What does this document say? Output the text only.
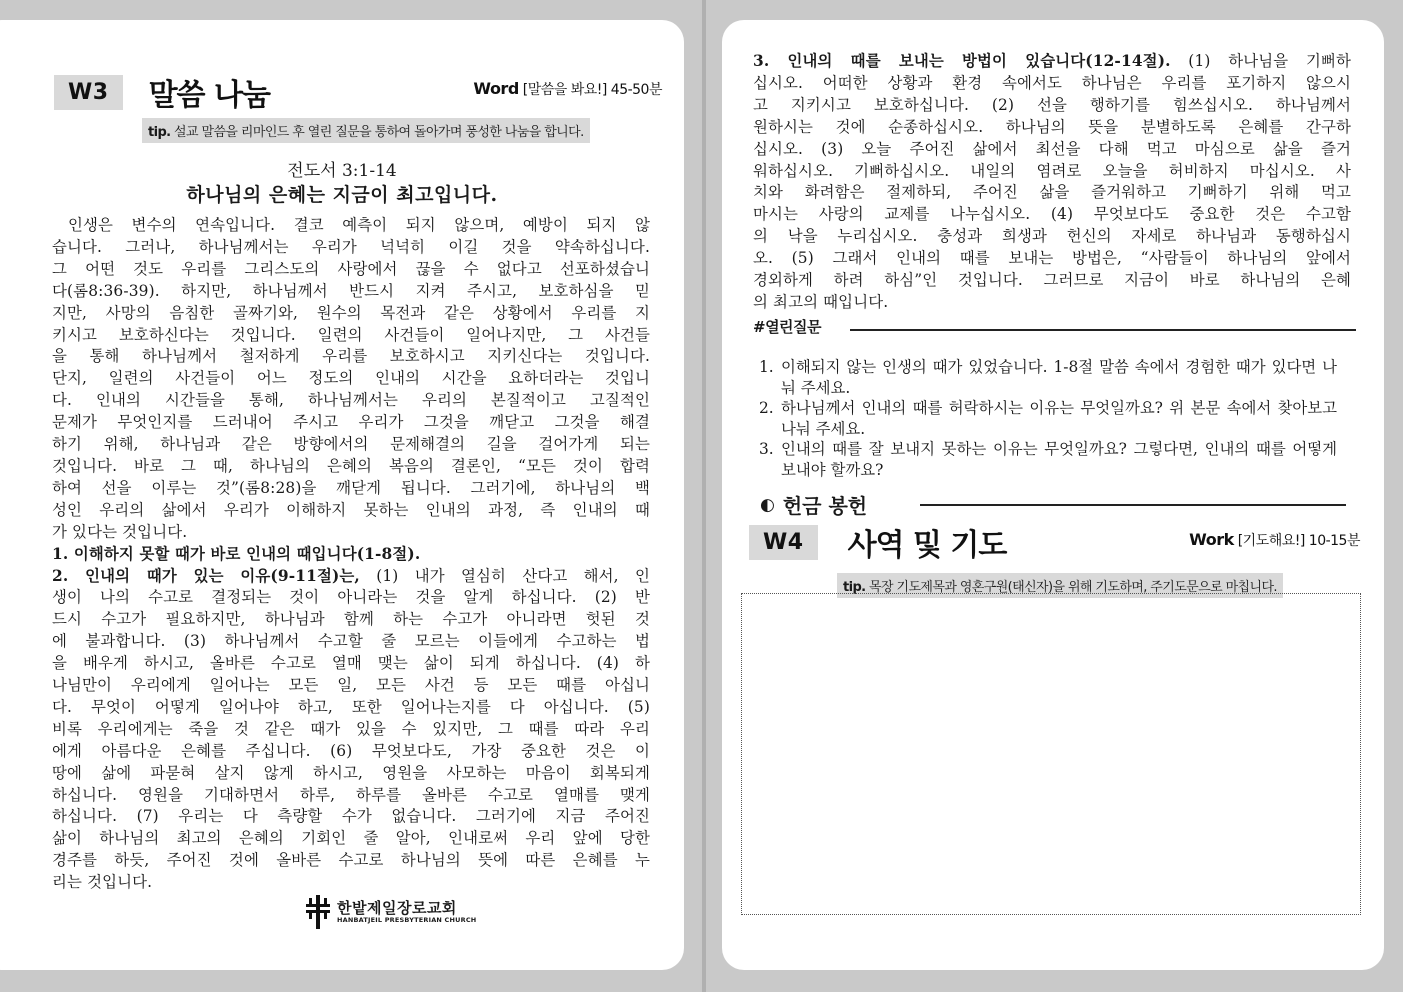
W3	말씀 나눔	Word [말씀을 봐요!] 45-50분
tip. 설교 말씀을 리마인드 후 열린 질문을 통하여 돌아가며 풍성한 나눔을 합니다.
전도서 3:1-14
하나님의 은혜는 지금이 최고입니다.
인생은 변수의 연속입니다. 결코 예측이 되지 않으며, 예방이 되지 않
습니다. 그러나, 하나님께서는 우리가 넉넉히 이길 것을 약속하십니다.
그 어떤 것도 우리를 그리스도의 사랑에서 끊을 수 없다고 선포하셨습니
다(롬8:36-39). 하지만, 하나님께서 반드시 지켜 주시고, 보호하심을 믿
지만, 사망의 음침한 골짜기와, 원수의 목전과 같은 상황에서 우리를 지
키시고 보호하신다는 것입니다. 일련의 사건들이 일어나지만, 그 사건들
을 통해 하나님께서 철저하게 우리를 보호하시고 지키신다는 것입니다.
단지, 일련의 사건들이 어느 정도의 인내의 시간을 요하더라는 것입니
다. 인내의 시간들을 통해, 하나님께서는 우리의 본질적이고 고질적인
문제가 무엇인지를 드러내어 주시고 우리가 그것을 깨닫고 그것을 해결
하기 위해, 하나님과 같은 방향에서의 문제해결의 길을 걸어가게 되는
것입니다. 바로 그 때, 하나님의 은혜의 복음의 결론인, “모든 것이 합력
하여 선을 이루는 것”(롬8:28)을 깨닫게 됩니다. 그러기에, 하나님의 백
성인 우리의 삶에서 우리가 이해하지 못하는 인내의 과정, 즉 인내의 때
가 있다는 것입니다.

1. 이해하지 못할 때가 바로 인내의 때입니다(1-8절).

2. 인내의 때가 있는 이유(9-11절)는, (1) 내가 열심히 산다고 해서, 인
생이 나의 수고로 결정되는 것이 아니라는 것을 알게 하십니다. (2) 반
드시 수고가 필요하지만, 하나님과 함께 하는 수고가 아니라면 헛된 것
에 불과합니다. (3) 하나님께서 수고할 줄 모르는 이들에게 수고하는 법
을 배우게 하시고, 올바른 수고로 열매 맺는 삶이 되게 하십니다. (4) 하
나님만이 우리에게 일어나는 모든 일, 모든 사건 등 모든 때를 아십니
다. 무엇이 어떻게 일어나야 하고, 또한 일어나는지를 다 아십니다. (5)
비록 우리에게는 죽을 것 같은 때가 있을 수 있지만, 그 때를 따라 우리
에게 아름다운 은혜를 주십니다. (6) 무엇보다도, 가장 중요한 것은 이
땅에 삶에 파묻혀 살지 않게 하시고, 영원을 사모하는 마음이 회복되게
하십니다. 영원을 기대하면서 하루, 하루를 올바른 수고로 열매를 맺게
하십니다. (7) 우리는 다 측량할 수가 없습니다. 그러기에 지금 주어진
삶이 하나님의 최고의 은혜의 기회인 줄 알아, 인내로써 우리 앞에 당한
경주를 하듯, 주어진 것에 올바른 수고로 하나님의 뜻에 따른 은혜를 누
리는 것입니다.
한밭제일장로교회
HANBATJEIL PRESBYTERIAN CHURCH
3. 인내의 때를 보내는 방법이 있습니다(12-14절). (1) 하나님을 기뻐하
십시오. 어떠한 상황과 환경 속에서도 하나님은 우리를 포기하지 않으시
고 지키시고 보호하십니다. (2) 선을 행하기를 힘쓰십시오. 하나님께서
원하시는 것에 순종하십시오. 하나님의 뜻을 분별하도록 은혜를 간구하
십시오. (3) 오늘 주어진 삶에서 최선을 다해 먹고 마심으로 삶을 즐거
워하십시오. 기뻐하십시오. 내일의 염려로 오늘을 허비하지 마십시오. 사
치와 화려함은 절제하되, 주어진 삶을 즐거워하고 기뻐하기 위해 먹고
마시는 사랑의 교제를 나누십시오. (4) 무엇보다도 중요한 것은 수고함
의 낙을 누리십시오. 충성과 희생과 헌신의 자세로 하나님과 동행하십시
오. (5) 그래서 인내의 때를 보내는 방법은, “사람들이 하나님의 앞에서
경외하게 하려 하심”인 것입니다. 그러므로 지금이 바로 하나님의 은혜
의 최고의 때입니다.
#열린질문
1. 이해되지 않는 인생의 때가 있었습니다. 1-8절 말씀 속에서 경험한 때가 있다면 나눠 주세요.
2. 하나님께서 인내의 때를 허락하시는 이유는 무엇일까요? 위 본문 속에서 찾아보고 나눠 주세요.
3. 인내의 때를 잘 보내지 못하는 이유는 무엇일까요? 그렇다면, 인내의 때를 어떻게 보내야 할까요?
◐ 헌금 봉헌
W4	사역 및 기도	Work [기도해요!] 10-15분
tip. 목장 기도제목과 영혼구원(태신자)을 위해 기도하며, 주기도문으로 마칩니다.
